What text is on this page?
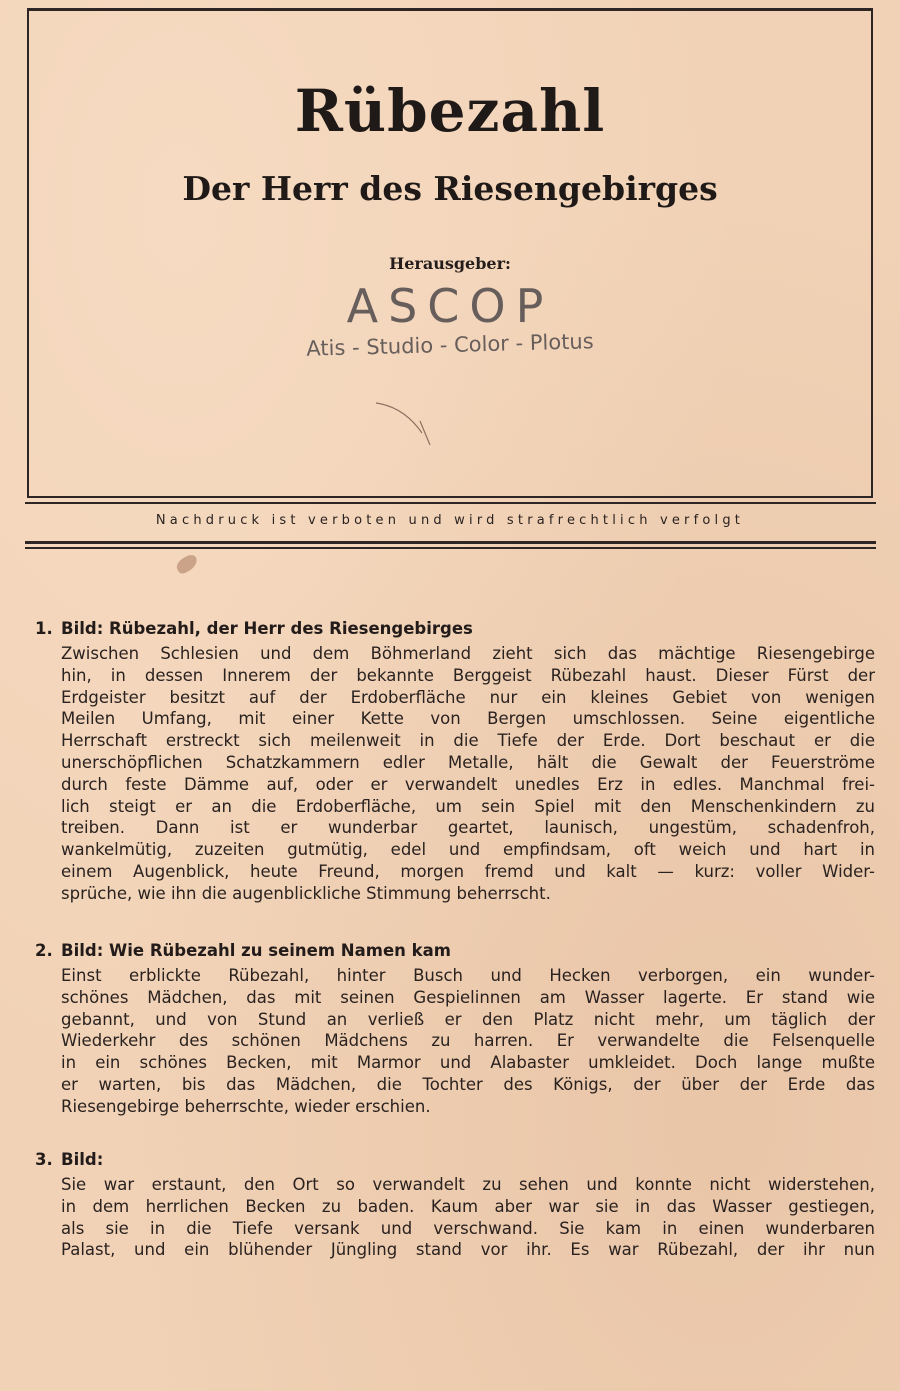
Rübezahl
Der Herr des Riesengebirges
Herausgeber:
ASCOP
Atis - Studio - Color - Plotus
Nachdruck ist verboten und wird strafrechtlich verfolgt
1. Bild: Rübezahl, der Herr des Riesengebirges
Zwischen Schlesien und dem Böhmerland zieht sich das mächtige Riesengebirge
hin, in dessen Innerem der bekannte Berggeist Rübezahl haust. Dieser Fürst der
Erdgeister besitzt auf der Erdoberfläche nur ein kleines Gebiet von wenigen
Meilen Umfang, mit einer Kette von Bergen umschlossen. Seine eigentliche
Herrschaft erstreckt sich meilenweit in die Tiefe der Erde. Dort beschaut er die
unerschöpflichen Schatzkammern edler Metalle, hält die Gewalt der Feuerströme
durch feste Dämme auf, oder er verwandelt unedles Erz in edles. Manchmal frei-
lich steigt er an die Erdoberfläche, um sein Spiel mit den Menschenkindern zu
treiben. Dann ist er wunderbar geartet, launisch, ungestüm, schadenfroh,
wankelmütig, zuzeiten gutmütig, edel und empfindsam, oft weich und hart in
einem Augenblick, heute Freund, morgen fremd und kalt — kurz: voller Wider-
sprüche, wie ihn die augenblickliche Stimmung beherrscht.
2. Bild: Wie Rübezahl zu seinem Namen kam
Einst erblickte Rübezahl, hinter Busch und Hecken verborgen, ein wunder-
schönes Mädchen, das mit seinen Gespielinnen am Wasser lagerte. Er stand wie
gebannt, und von Stund an verließ er den Platz nicht mehr, um täglich der
Wiederkehr des schönen Mädchens zu harren. Er verwandelte die Felsenquelle
in ein schönes Becken, mit Marmor und Alabaster umkleidet. Doch lange mußte
er warten, bis das Mädchen, die Tochter des Königs, der über der Erde das
Riesengebirge beherrschte, wieder erschien.
3. Bild:
Sie war erstaunt, den Ort so verwandelt zu sehen und konnte nicht widerstehen,
in dem herrlichen Becken zu baden. Kaum aber war sie in das Wasser gestiegen,
als sie in die Tiefe versank und verschwand. Sie kam in einen wunderbaren
Palast, und ein blühender Jüngling stand vor ihr. Es war Rübezahl, der ihr nun
